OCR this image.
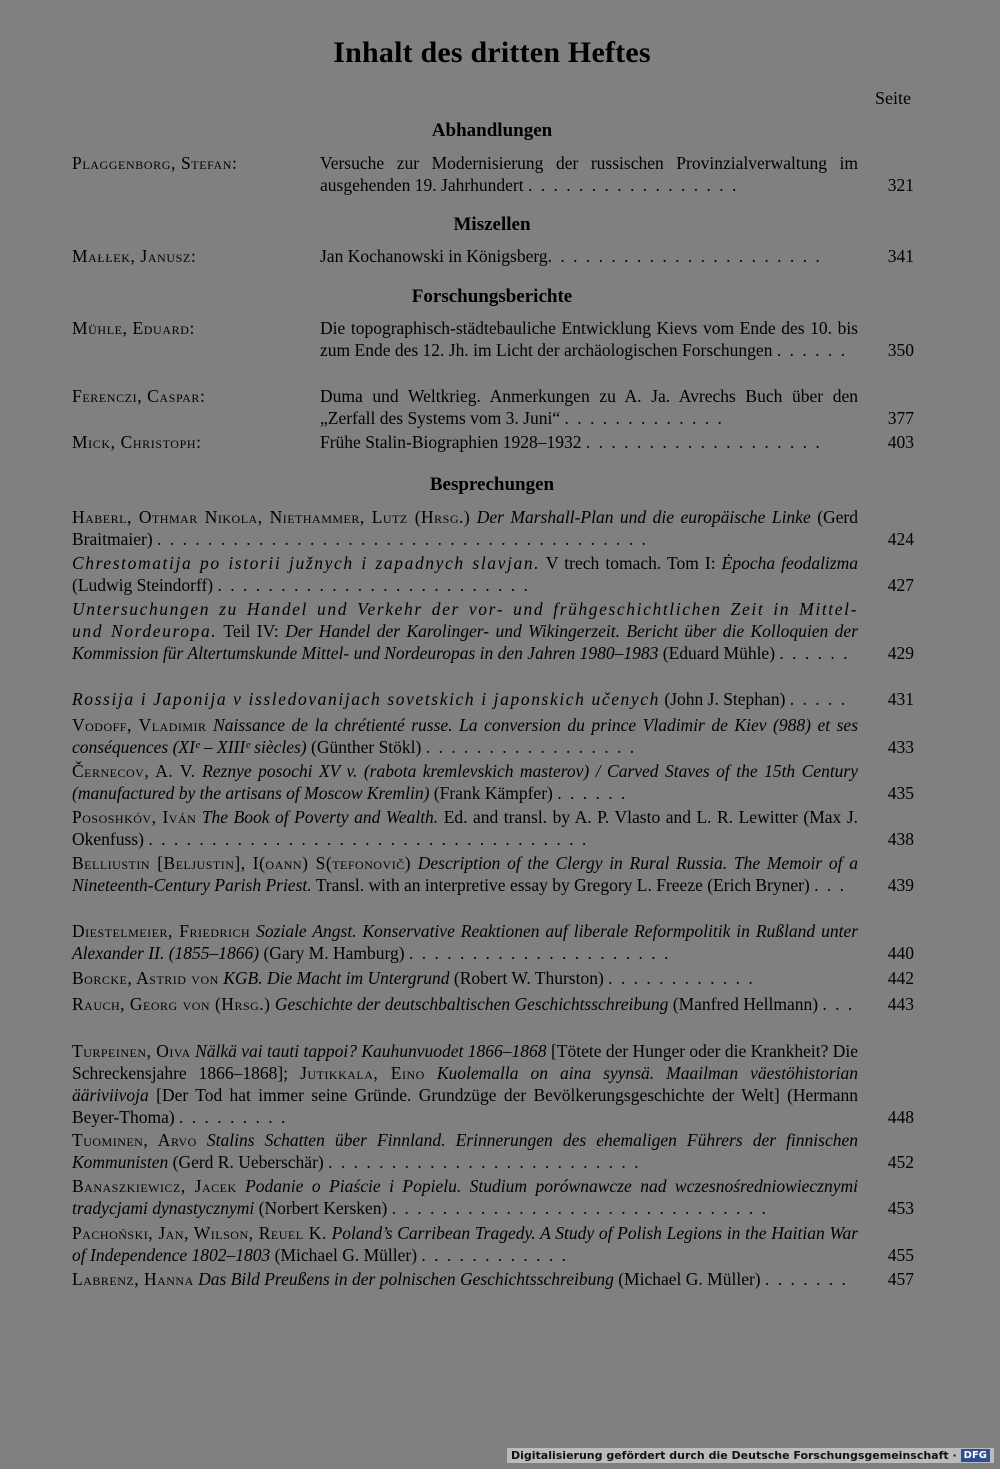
Inhalt des dritten Heftes
Seite
Abhandlungen
Plaggenborg, Stefan:	Versuche zur Modernisierung der russischen Provinzialverwaltung im ausgehenden 19. Jahrhundert . . . . . . . . . . . . . . . . .	321
Miszellen
Małłek, Janusz:	Jan Kochanowski in Königsberg. . . . . . . . . . . . . . . . . . . . . .	341
Forschungsberichte
Mühle, Eduard:	Die topographisch-städtebauliche Entwicklung Kievs vom Ende des 10. bis zum Ende des 12. Jh. im Licht der archäologischen Forschungen . . . . . .	350
Ferenczi, Caspar:	Duma und Weltkrieg. Anmerkungen zu A. Ja. Avrechs Buch über den „Zerfall des Systems vom 3. Juni“ . . . . . . . . . . . . .	377
Mick, Christoph:	Frühe Stalin-Biographien 1928–1932 . . . . . . . . . . . . . . . . . . .	403
Besprechungen
Haberl, Othmar Nikola, Niethammer, Lutz (Hrsg.) Der Marshall-Plan und die europäische Linke (Gerd Braitmaier) . . . . . . . . . . . . . . . . . . . . . . . . . . . . . . . . . . . . . . .	424
Chrestomatija po istorii južnych i zapadnych slavjan. V trech tomach. Tom I: Ėpocha feodalizma (Ludwig Steindorff) . . . . . . . . . . . . . . . . . . . . . . . . .	427
Untersuchungen zu Handel und Verkehr der vor- und frühgeschichtlichen Zeit in Mittel- und Nordeuropa. Teil IV: Der Handel der Karolinger- und Wikingerzeit. Bericht über die Kolloquien der Kommission für Altertumskunde Mittel- und Nordeuropas in den Jahren 1980–1983 (Eduard Mühle) . . . . . .	429
Rossija i Japonija v issledovanijach sovetskich i japonskich učenych (John J. Stephan) . . . . .	431
Vodoff, Vladimir Naissance de la chrétienté russe. La conversion du prince Vladimir de Kiev (988) et ses conséquences (XIᵉ – XIIIᵉ siècles) (Günther Stökl) . . . . . . . . . . . . . . . . .	433
Černecov, A. V. Reznye posochi XV v. (rabota kremlevskich masterov) / Carved Staves of the 15th Century (manufactured by the artisans of Moscow Kremlin) (Frank Kämpfer) . . . . . .	435
Pososhkóv, Iván The Book of Poverty and Wealth. Ed. and transl. by A. P. Vlasto and L. R. Lewitter (Max J. Okenfuss) . . . . . . . . . . . . . . . . . . . . . . . . . . . . . . . . . . .	438
Belliustin [Beljustin], I(oann) S(tefonovič) Description of the Clergy in Rural Russia. The Memoir of a Nineteenth-Century Parish Priest. Transl. with an interpretive essay by Gregory L. Freeze (Erich Bryner) . . .	439
Diestelmeier, Friedrich Soziale Angst. Konservative Reaktionen auf liberale Reformpolitik in Rußland unter Alexander II. (1855–1866) (Gary M. Hamburg) . . . . . . . . . . . . . . . . . . . . .	440
Borcke, Astrid von KGB. Die Macht im Untergrund (Robert W. Thurston) . . . . . . . . . . . .	442
Rauch, Georg von (Hrsg.) Geschichte der deutschbaltischen Geschichtsschreibung (Manfred Hellmann) . . .	443
Turpeinen, Oiva Nälkä vai tauti tappoi? Kauhunvuodet 1866–1868 [Tötete der Hunger oder die Krankheit? Die Schreckensjahre 1866–1868]; Jutikkala, Eino Kuolemalla on aina syynsä. Maailman väestöhistorian ääriviivoja [Der Tod hat immer seine Gründe. Grundzüge der Bevölkerungsgeschichte der Welt] (Hermann Beyer-Thoma) . . . . . . . . .	448
Tuominen, Arvo Stalins Schatten über Finnland. Erinnerungen des ehemaligen Führers der finnischen Kommunisten (Gerd R. Ueberschär) . . . . . . . . . . . . . . . . . . . . . . . . .	452
Banaszkiewicz, Jacek Podanie o Piaście i Popielu. Studium porównawcze nad wczesnośredniowiecznymi tradycjami dynastycznymi (Norbert Kersken) . . . . . . . . . . . . . . . . . . . . . . . . . . . . . .	453
Pachoński, Jan, Wilson, Reuel K. Poland’s Carribean Tragedy. A Study of Polish Legions in the Haitian War of Independence 1802–1803 (Michael G. Müller) . . . . . . . . . . . .	455
Labrenz, Hanna Das Bild Preußens in der polnischen Geschichtsschreibung (Michael G. Müller) . . . . . . .	457
Digitalisierung gefördert durch die Deutsche Forschungsgemeinschaft · DFG
